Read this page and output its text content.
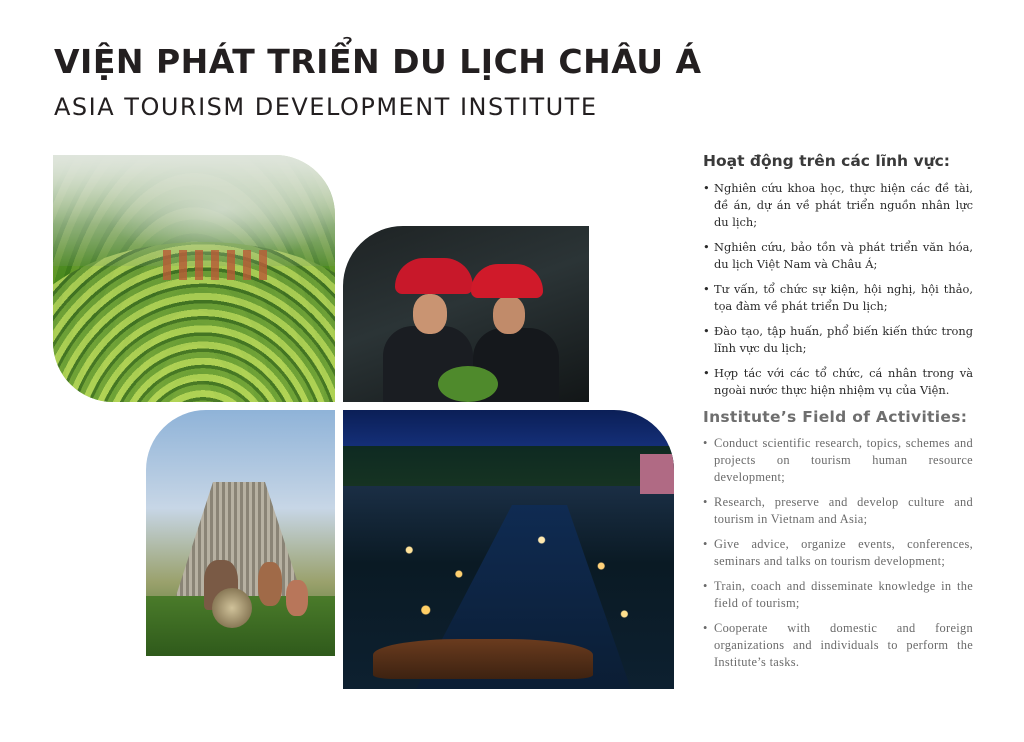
VIỆN PHÁT TRIỂN DU LỊCH CHÂU Á
ASIA TOURISM DEVELOPMENT INSTITUTE
Hoạt động trên các lĩnh vực:
• Nghiên cứu khoa học, thực hiện các đề tài, đề án, dự án về phát triển nguồn nhân lực du lịch;
• Nghiên cứu, bảo tồn và phát triển văn hóa, du lịch Việt Nam và Châu Á;
• Tư vấn, tổ chức sự kiện, hội nghị, hội thảo, tọa đàm về phát triển Du lịch;
• Đào tạo, tập huấn, phổ biến kiến thức trong lĩnh vực du lịch;
• Hợp tác với các tổ chức, cá nhân trong và ngoài nước thực hiện nhiệm vụ của Viện.
Institute’s Field of Activities:
• Conduct scientific research, topics, schemes and projects on tourism human resource development;
• Research, preserve and develop culture and tourism in Vietnam and Asia;
• Give advice, organize events, conferences, seminars and talks on tourism development;
• Train, coach and disseminate knowledge in the field of tourism;
• Cooperate with domestic and foreign organizations and individuals to perform the Institute’s tasks.
